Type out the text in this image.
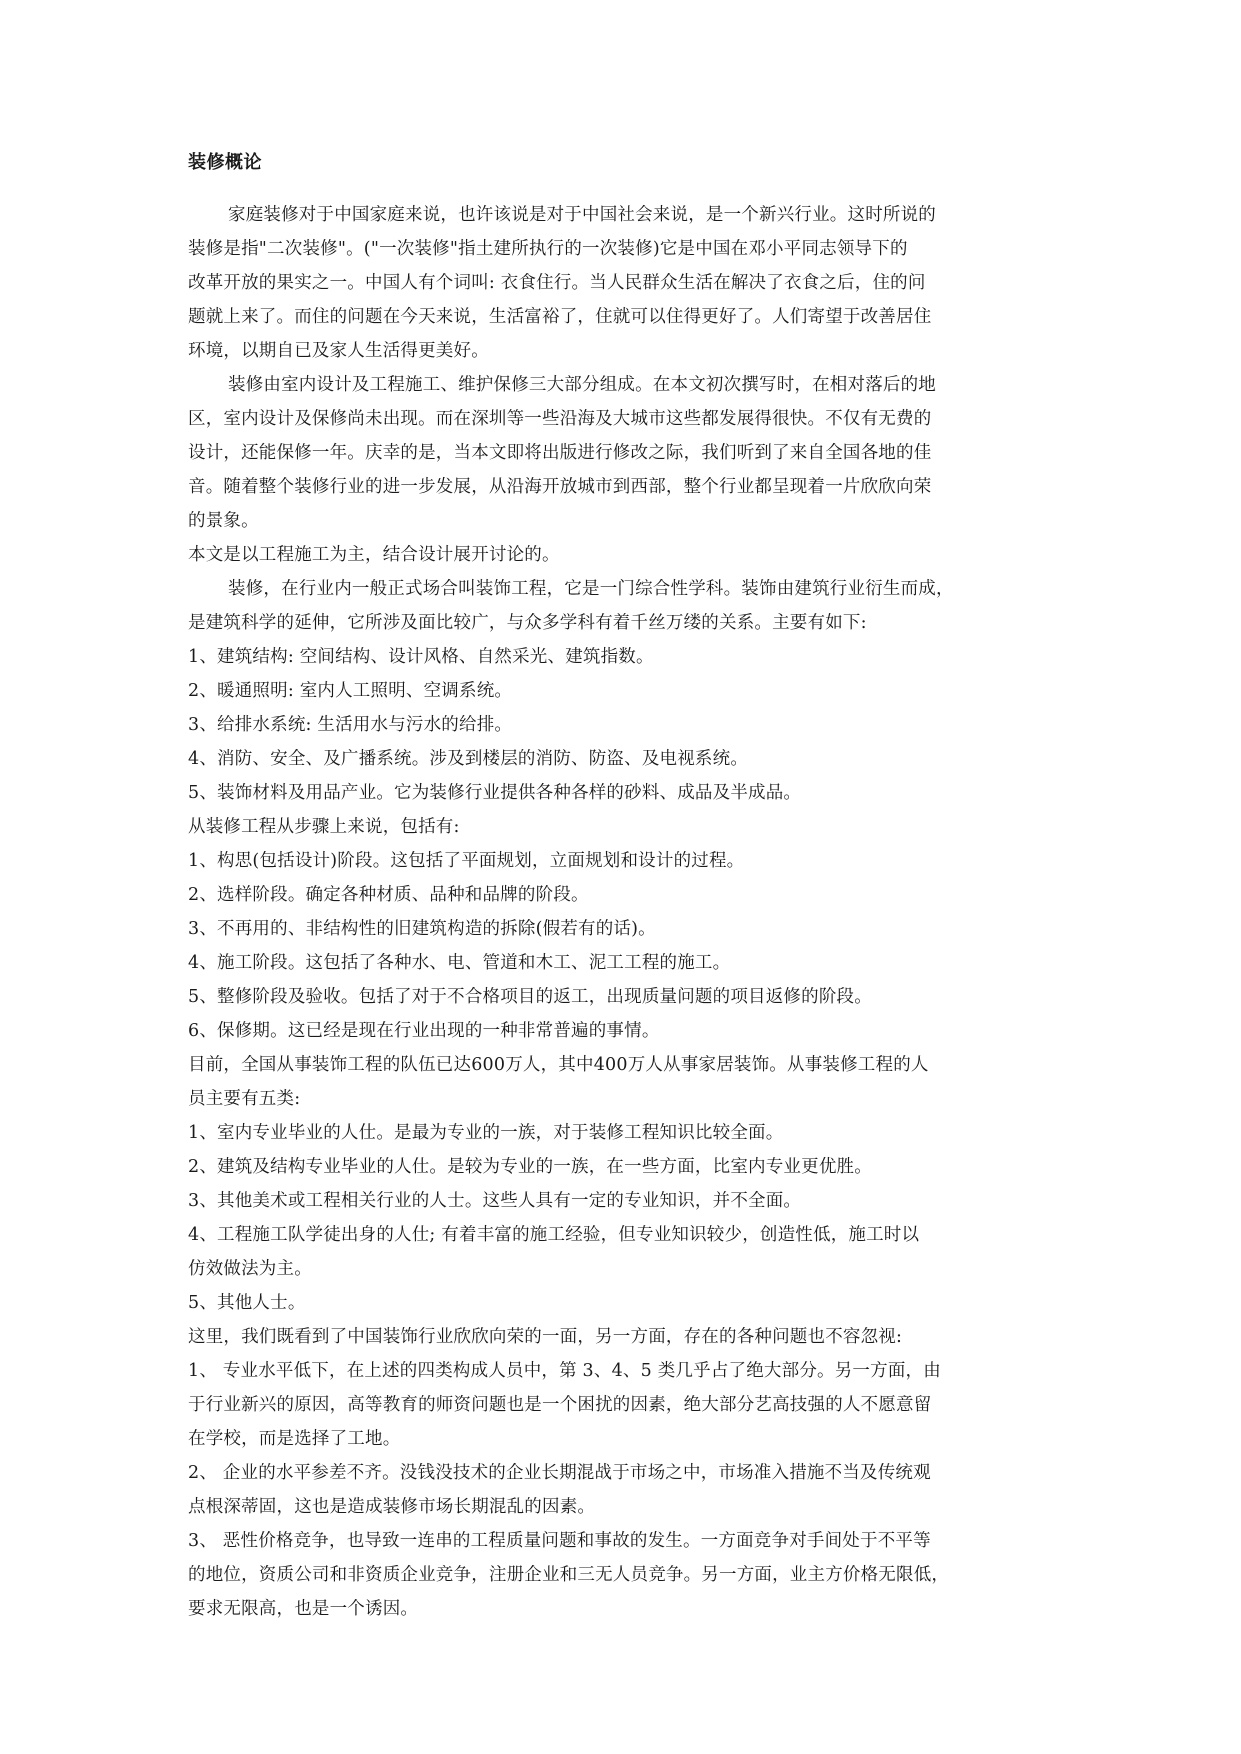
装修概论
家庭装修对于中国家庭来说，也许该说是对于中国社会来说，是一个新兴行业。这时所说的
装修是指"二次装修"。("一次装修"指土建所执行的一次装修)它是中国在邓小平同志领导下的
改革开放的果实之一。中国人有个词叫: 衣食住行。当人民群众生活在解决了衣食之后，住的问
题就上来了。而住的问题在今天来说，生活富裕了，住就可以住得更好了。人们寄望于改善居住
环境，以期自已及家人生活得更美好。
装修由室内设计及工程施工、维护保修三大部分组成。在本文初次撰写时，在相对落后的地
区，室内设计及保修尚未出现。而在深圳等一些沿海及大城市这些都发展得很快。不仅有无费的
设计，还能保修一年。庆幸的是，当本文即将出版进行修改之际，我们听到了来自全国各地的佳
音。随着整个装修行业的进一步发展，从沿海开放城市到西部，整个行业都呈现着一片欣欣向荣
的景象。
本文是以工程施工为主，结合设计展开讨论的。
装修，在行业内一般正式场合叫装饰工程，它是一门综合性学科。装饰由建筑行业衍生而成，
是建筑科学的延伸，它所涉及面比较广，与众多学科有着千丝万缕的关系。主要有如下:
1、建筑结构: 空间结构、设计风格、自然采光、建筑指数。
2、暖通照明: 室内人工照明、空调系统。
3、给排水系统: 生活用水与污水的给排。
4、消防、安全、及广播系统。涉及到楼层的消防、防盗、及电视系统。
5、装饰材料及用品产业。它为装修行业提供各种各样的砂料、成品及半成品。
从装修工程从步骤上来说，包括有:
1、构思(包括设计)阶段。这包括了平面规划，立面规划和设计的过程。
2、选样阶段。确定各种材质、品种和品牌的阶段。
3、不再用的、非结构性的旧建筑构造的拆除(假若有的话)。
4、施工阶段。这包括了各种水、电、管道和木工、泥工工程的施工。
5、整修阶段及验收。包括了对于不合格项目的返工，出现质量问题的项目返修的阶段。
6、保修期。这已经是现在行业出现的一种非常普遍的事情。
目前，全国从事装饰工程的队伍已达600万人，其中400万人从事家居装饰。从事装修工程的人
员主要有五类:
1、室内专业毕业的人仕。是最为专业的一族，对于装修工程知识比较全面。
2、建筑及结构专业毕业的人仕。是较为专业的一族，在一些方面，比室内专业更优胜。
3、其他美术或工程相关行业的人士。这些人具有一定的专业知识，并不全面。
4、工程施工队学徒出身的人仕; 有着丰富的施工经验，但专业知识较少，创造性低，施工时以
仿效做法为主。
5、其他人士。
这里，我们既看到了中国装饰行业欣欣向荣的一面，另一方面，存在的各种问题也不容忽视:
1、 专业水平低下，在上述的四类构成人员中，第 3、4、5 类几乎占了绝大部分。另一方面，由
于行业新兴的原因，高等教育的师资问题也是一个困扰的因素，绝大部分艺高技强的人不愿意留
在学校，而是选择了工地。
2、 企业的水平参差不齐。没钱没技术的企业长期混战于市场之中，市场准入措施不当及传统观
点根深蒂固，这也是造成装修市场长期混乱的因素。
3、 恶性价格竞争，也导致一连串的工程质量问题和事故的发生。一方面竞争对手间处于不平等
的地位，资质公司和非资质企业竞争，注册企业和三无人员竞争。另一方面，业主方价格无限低，
要求无限高，也是一个诱因。
